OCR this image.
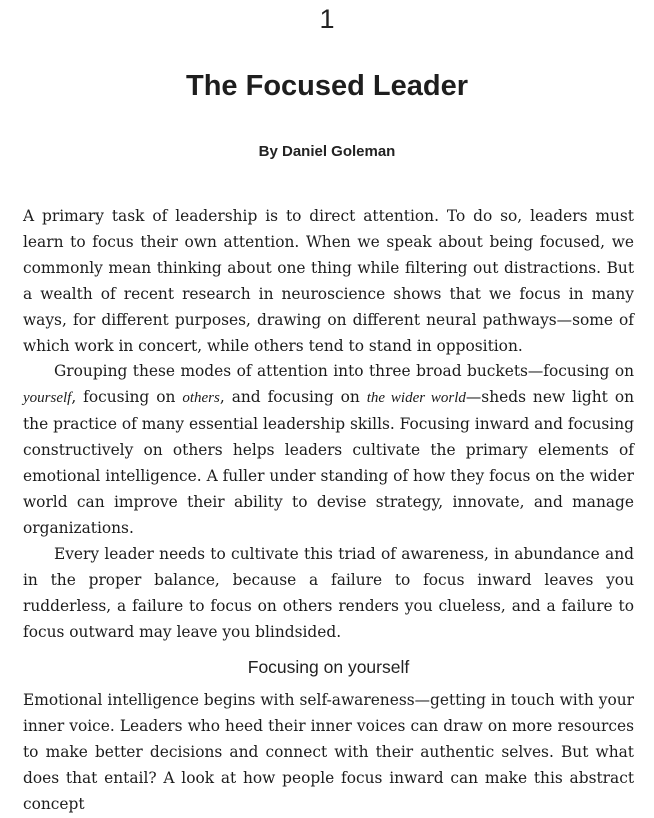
1
The Focused Leader
By Daniel Goleman

A primary task of leadership is to direct attention. To do so, leaders must learn to focus their own attention. When we speak about being focused, we commonly mean thinking about one thing while filtering out distractions. But a wealth of recent research in neuroscience shows that we focus in many ways, for different purposes, drawing on different neural pathways—some of which work in concert, while others tend to stand in opposition.

Grouping these modes of attention into three broad buckets—focusing on yourself, focusing on others, and focusing on the wider world—sheds new light on the practice of many essential leadership skills. Focusing inward and focusing constructively on others helps leaders cultivate the primary elements of emotional intelligence. A fuller under standing of how they focus on the wider world can improve their ability to devise strategy, innovate, and manage organizations.

Every leader needs to cultivate this triad of awareness, in abundance and in the proper balance, because a failure to focus inward leaves you rudderless, a failure to focus on others renders you clueless, and a failure to focus outward may leave you blindsided.

Focusing on yourself

Emotional intelligence begins with self-awareness—getting in touch with your inner voice. Leaders who heed their inner voices can draw on more resources to make better decisions and connect with their authentic selves. But what does that entail? A look at how people focus inward can make this abstract concept
